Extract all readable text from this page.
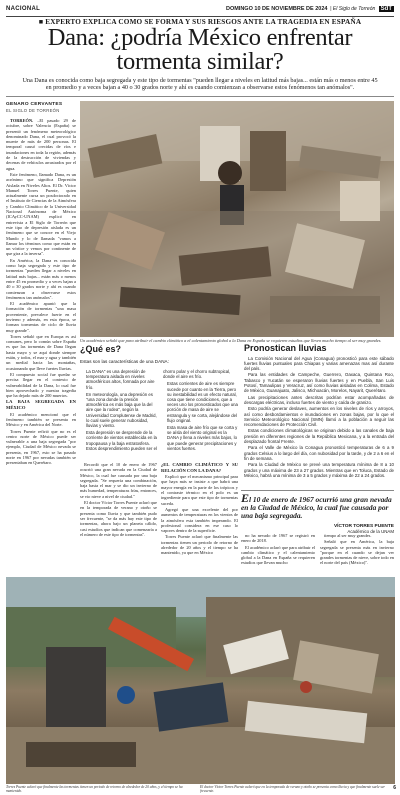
NACIONAL	DOMINGO 10 DE NOVIEMBRE DE 2024  | El Siglo de Torreón SdT
■ EXPERTO EXPLICA COMO SE FORMA Y SUS RIESGOS ANTE LA TRAGEDIA EN ESPAÑA
Dana: ¿podría México enfrentar tormenta similar?
Una Dana es conocida como baja segregada y este tipo de tormentas "pueden llegar a niveles en latitud más bajas... están más o menos entre 45 en promedio y a veces bajan a 40 o 30 grados norte y ahí es cuando comienzan a observarse estos fenómenos tan anómalos".
GENARO CERVANTES
EL SIGLO DE TORREÓN

TORREÓN. –El pasado 29 de octubre, sobre Valencia (España) se presentó un fenómeno meteorológico denominado Dana, el cual provocó la muerte de más de 200 personas. El temporal causó crecidas de ríos e inundaciones en toda la región, además de la destrucción de viviendas y decenas de vehículos arrastrados por el agua.

Este fenómeno, llamado Dana, es un acrónimo que significa Depresión Aislada en Niveles Altos. El Dr. Víctor Manuel Torres Puente, quien actualmente cursa un posdoctorado en el Instituto de Ciencias de la Atmósfera y Cambio Climático de la Universidad Nacional Autónoma de México (ICAyCC-UNAM) explicó en entrevista a El Siglo de Torreón que este tipo de depresión aislada es un fenómeno que se conoce en el Viejo Mundo y lo de llamada "vamos a llamar los términos como que están en un vórtice y vemos por continente de que gira a la inversa".

En América, la Dana es conocida como baja segregada y este tipo de tormentas "pueden llegar a niveles en latitud más bajas... están más o menos entre 45 en promedio y a veces bajan a 40 o 30 grados norte y ahí es cuando comienzan a observarse estos fenómenos tan anómalos".

El académico apuntó que la formación de tormentas "una masa proveniente, prevalece fuerte en el invierno y además, en esta época, se forman tormentas de ciclo de lluvia muy grande".

Torres señaló que en Europa es así comunes, pero lo común sobre España es que las tormentas de Dana llegan hasta mayo y se aquí donde siempre están, y todos, el mar y agua y también un medial hacia las montañas, ocasionando que lleve fuertes lluvias.

El compuesto social fue quedar se precisa llegar en el contexto de vulnerabilidad de la Dana, lo cual fue bien aprovechado y nuestra tragedia que ha dejado más de 200 muertos.

LA BAJA SEGREGADA EN MÉXICO

El académico mencionó que el fenómeno también se presenta en México y en América del Norte.

Torres Puente refirió que no es el centro norte de México puede ser vulnerable a una baja segregada "por ejemplo, Ciudad de México nevada se presenta, en 1967, esto se ha pasado norte en 1967 por nevadas también se presentaban en Querétaro.

Un académico señaló que para atribuir el cambio climático a el calentamiento global a la Dana en España se requieren estudios que lleven mucho tiempo al ser muy grandes.
¿Qué es?
Estas son las características de una DANA:
• La DANA" es una depresión de temperatura aislada en niveles atmosféricos altos, formada por aire frío.
• En meteorología, una depresión es "una zona donde la presión atmosférica es más baja que la del aire que la rodea", según la Universidad Complutense de Madrid, lo cual suele generar nubosidad, lluvias y viento.
• Esta depresión se desprende de la corriente de vientos establecida en la tropopausa y la baja estratosfera. Estos desprendimiento pueden ser el
chorro polar y el chorro subtropical, donde el aire es frío.
• Estas corrientes de aire es siempre sucede por cuanto en la Tierra, pero su inestabilidad es un efecto natural, cosa que tiene condiciones, que a veces uno los pronosticados que una porción de masa de aire se estrangula y se corta, alejándose del flujo original.
• Esta masa de aire frío que se corta y se aísla del viento original es la DANA y llena a niveles más bajos, lo que puede generar precipitaciones y vientos fuertes.

Recordó que el 10 de enero de 1967 ocurrió una gran nevada en la Ciudad de México, la cual fue causada por una baja segregada. "Se requería una combinación, baja basta el mar y se dio un invierno de más humedad, temperaturas frías, entonces, se vio nieve a nivel de ciudad."

El doctor Víctor Torres Puente aclaró que en la temporada de verano y otoño se presenta como lluvia y que también pudo ser frecuente, "se da más hay este tipo de tormentas, ahora bajo un planeta cálido, casi estudios que indican que comenzaría a el número de este tipo de tormentas".

¿EL CAMBIO CLIMÁTICO Y SU RELACIÓN CON LA DANA?

Explicó que el mecanismo principal para que haya más se insiste a que habrá una mayor energía en la parte de los trópicos y el contraste térmico en el polo es un ingrediente para que este tipo de tormentas suceda.

Agregó que una excelente del por aumentos de temperaturas en los vientos de la atmósfera esta también imperando. El profesional considera en ese caso lo vapores dentro de la superficie.

Torres Puente aclaró que finalmente las tormentas tienen un periodo de retorno de alrededor de 20 años y el tiempo se ha mantenido, ya que en México

Pronostican lluvias

La Comisión Nacional del Agua (Conagua) pronosticó para este sábado fuertes lluvias puntuales para Chiapas y varias amenazas mas así durante del país.

Para las entidades de Campeche, Guerrero, Oaxaca, Quintana Roo, Tabasco y Yucatán se esperaron lluvias fuertes y en Puebla, San Luis Potosí, Tamaulipas y Veracruz, así como lluvias aisladas en Colima, Estado de México, Guanajuato, Jalisco, Michoacán, Morelos, Nayarit, Querétaro.

Las precipitaciones antes descritas podrían estar acompañadas de descargas eléctricas, incluso fuertes de viento y caída de granizo.

Esto podría generar deslaves, aumentos en los niveles de ríos y arroyos, así como desbordamientos e inundaciones en zonas bajas, por lo que el Servicio Meteorológico Nacional (SMN) llamó a la población a seguir las recomendaciones de Protección Civil.

Estas condiciones climatológicas se originan debido a las canales de baja presión en diferentes regiones de la República Mexicana, y a la entrada del desplazado frontal Frente.

Para el Valle de México la Conagua pronosticó temperaturas de 6 a 9 grados Celsius a lo largo del día, con nubosidad por la tarde, y de 2 a 6 en el fin de semana.

Para la Ciudad de México se prevé una temperatura mínima de 8 a 10 grados y una máxima de 23 a 27 grados. Mientras que en Toluca, Estado de México, habrá una mínima de 3 a 5 grados y máxima de 22 a 24 grados.

El 10 de enero de 1967 ocurrió una gran nevada en la Ciudad de México, la cual fue causada por una baja segregada.
VÍCTOR TORRES PUENTE
Académico de la UNAM

no ha nevado de 1967 se registró en enero de 2018.

El académico aclaró que para atribuir el cambio climático y el calentamiento global a la Dana en España se requieren estudios que llevan mucho

tiempo al ser muy grandes.

Señaló que en América, la baja segregada se presenta más en invierno "porque en el cuando se dejan ver grandes tormentas de nieve, sobre todo en el norte del país (México)".

Torres Puente aclaró que finalmente las tormentas tienen un periodo de retorno de alrededor de 20 años, y el tiempo se ha mantenido.
El doctor Víctor Torres Puente aclaró que en la temporada de verano y otoño se presenta como lluvia y que finalmente suele ser frecuente.
6
